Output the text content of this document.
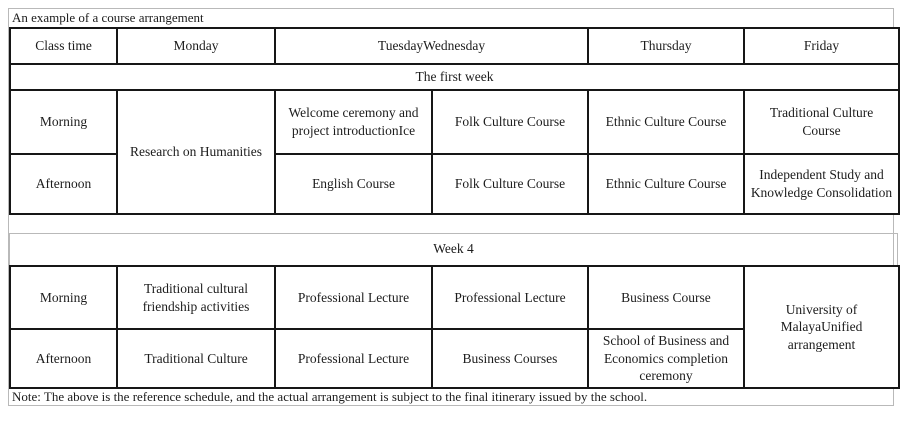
An example of a course arrangement
Class time	Monday	TuesdayWednesday		Thursday	Friday
The first week					
Morning	Research on Humanities	Welcome ceremony and project introductionIce	Folk Culture Course	Ethnic Culture Course	Traditional Culture Course
Afternoon		English Course	Folk Culture Course	Ethnic Culture Course	Independent Study and Knowledge Consolidation
Week 4
Morning	Traditional cultural friendship activities	Professional Lecture	Professional Lecture	Business Course	University of MalayaUnified arrangement
Afternoon	Traditional Culture	Professional Lecture	Business Courses	School of Business and Economics completion ceremony	
Note: The above is the reference schedule, and the actual arrangement is subject to the final itinerary issued by the school.
